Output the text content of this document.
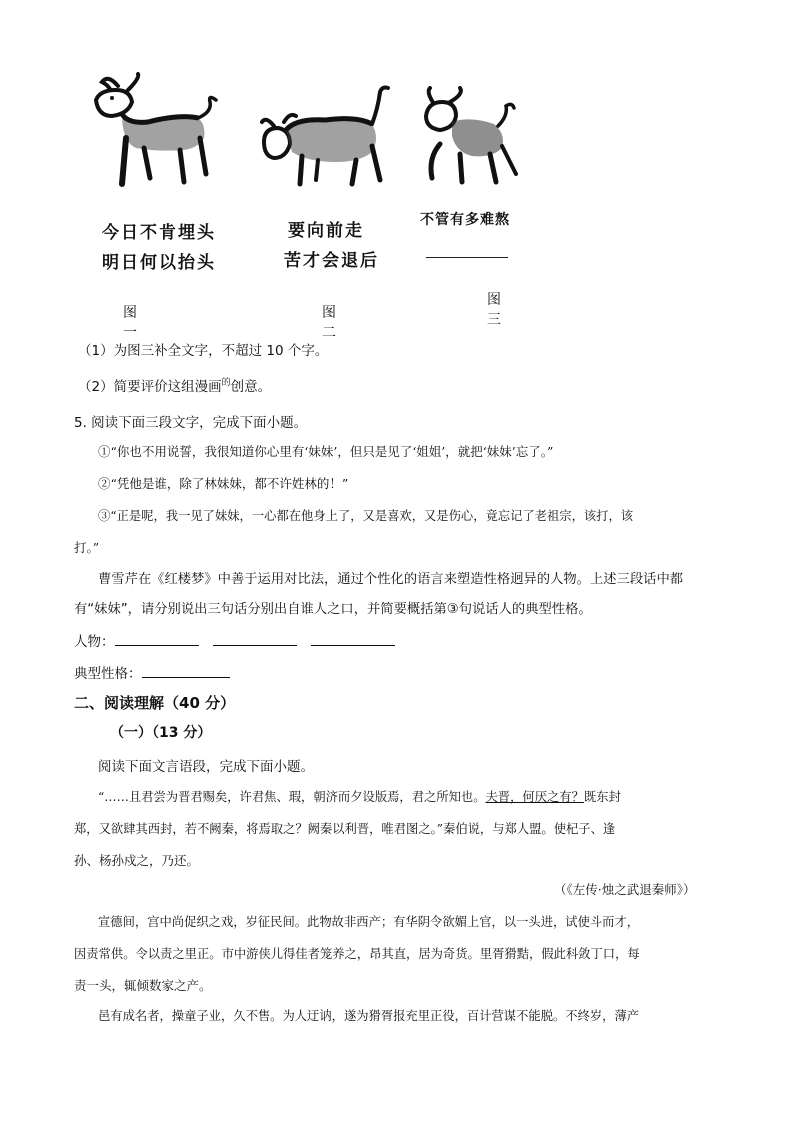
今日不肯埋头
明日何以抬头
图一
要向前走
苦才会退后
图二
不管有多难熬
图三
（1）为图三补全文字，不超过 10 个字。
（2）简要评价这组漫画$^的$创意。
5. 阅读下面三段文字，完成下面小题。
①“你也不用说誓，我很知道你心里有‘妹妹’，但只是见了‘姐姐’，就把‘妹妹’忘了。”
②“凭他是谁，除了林妹妹，都不许姓林的！”
③“正是呢，我一见了妹妹，一心都在他身上了，又是喜欢，又是伤心，竟忘记了老祖宗，该打，该
打。”
曹雪芹在《红楼梦》中善于运用对比法，通过个性化的语言来塑造性格迥异的人物。上述三段话中都
有“妹妹”，请分别说出三句话分别出自谁人之口，并简要概括第③句说话人的典型性格。
人物：
典型性格：
二、阅读理解（40 分）
（一）（13 分）
阅读下面文言语段，完成下面小题。
“……且君尝为晋君赐矣，许君焦、瑕，朝济而夕设版焉，君之所知也。夫晋，何厌之有？既东封
郑，又欲肆其西封，若不阙秦，将焉取之？阙秦以利晋，唯君图之。”秦伯说，与郑人盟。使杞子、逢
孙、杨孙戍之，乃还。
（《左传·烛之武退秦师》）
宣德间，宫中尚促织之戏，岁征民间。此物故非西产；有华阴令欲媚上官，以一头进，试使斗而才，
因责常供。令以责之里正。市中游侠儿得佳者笼养之，昂其直，居为奇货。里胥猾黠，假此科敛丁口，每
责一头，辄倾数家之产。
邑有成名者，操童子业，久不售。为人迂讷，遂为猾胥报充里正役，百计营谋不能脱。不终岁，薄产
